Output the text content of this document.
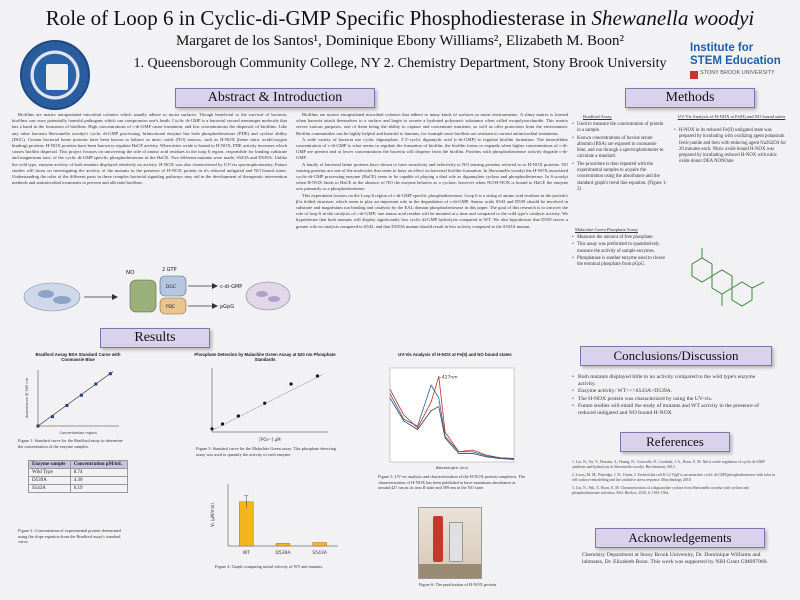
Role of Loop 6 in Cyclic-di-GMP Specific Phosphodiesterase in Shewanella woodyi
Margaret de los Santos¹, Dominique Ebony Williams², Elizabeth M. Boon²
1. Queensborough Community College, NY 2. Chemistry Department, Stony Brook University
Institute for
STEM Education
STONY BROOK UNIVERSITY
Abstract & Introduction	Methods
Results
Conclusions/Discussion
References
Acknowledgements

Biofilms are matrix encapsulated microbial colonies which usually adhere to moist surfaces. Though beneficial to the survival of bacteria, biofilms can carry potentially harmful pathogens which can compromise one's heath. Cyclic di-GMP is a bacterial second messenger molecule that has a hand in the formation of biofilms. High concentrations of c-di-GMP cause formation, and low concentrations the dispersal, of biofilms. Like any other bacteria Shewanella woodyi's cyclic di-GMP processing, bifunctional enzyme has both phosphodiesterase (PDE) and cyclase ability (DGC). Certain bacterial heme proteins have been known to behave as nitric oxide (NO) sensors, such as H-NOX (heme nitric oxide/oxygen binding) proteins. H-NOX proteins have been known to regulate HaCE activity. When nitric oxide is bound to H-NOX, PDE activity increases which causes biofilm dispersal. This project focuses on uncovering the role of amino acid residues in the loop 6 region, responsible for binding substrate and magnesium ions, of the cyclic di-GMP specific phosphodiesterase in the HaCE. Two different mutants were made, S543A and D539A. Unlike the wild type, enzyme activity of both mutants displayed relatively no activity. H-NOX was also characterized by UV-vis spectrophotometry. Future studies will focus on investigating the activity of the mutants in the presence of H-NOX protein in it's reduced unligated and NO bound states. Understanding the roles of the different parts in these complex bacterial signaling pathways may aid in the development of therapeutic intervention methods and antimicrobial treatments to prevent and alleviate biofilms.

Biofilms are matrix encapsulated microbial colonies that adhere to many kinds of surfaces in moist environments. A slimy matrix is formed when bacteria attach themselves to a surface and begin to secrete a hydrated polymeric substance often called exopolysaccharide. This matrix serves various purposes, one of them being the ability to capture and concentrate nutrients; as well as offer protection from the environment. Biofilm communities can be highly helpful and harmful to humans, for example most biofilms are resistant to current antimicrobial treatments.

A wide variety of bacteria use cyclic diguanylate, 3',5'-cyclic diguanylic acid (c-di-GMP) to regulate biofilm formation. The intracellular concentration of c-di-GMP is what seems to regulate the formation of biofilm, the biofilm forms or expands when higher concentrations of c-di-GMP are present and at lower concentrations the bacteria will disperse from the biofilm. Proteins with phosphodiesterase activity degrade c-di-GMP.

A family of bacterial heme proteins have shown to have sensitivity and selectivity to NO sensing proteins referred to as H-NOX proteins. NO sensing proteins are one of the molecules that seem to have an effect on bacterial biofilm formation. In Shewanella woodyi the H-NOX associated cyclic-di-GMP processing enzyme (HaCE) seem to be capable of playing a dual role as diguanylate cyclase and phosphodiesterase. In S.woodyi when H-NOX binds to HaCE in the absence of NO the enzyme behaves as a cyclase, however when NO-H-NOX is bound to HaCE the enzyme acts primarily as a phosphodiesterase.

This experiment focuses on the Loop 6 region of c-di-GMP specific phosphodiesterase. Loop 6 is a string of amino acid residues in the protein's β/α folded structure, which seem to play an important role in the degradation of c-di-GMP. Amino acids S543 and D539 should be involved in substrate and magnesium ion binding and catalysis by the EAL domain phosphodiesterase in this paper. The goal of this research is to uncover the role of loop 6 in the catalysis of c-di-GMP; one amino acid residue will be mutated at a time and compared to the wild type's catalytic activity. We hypothesize that both mutants will display significantly less cyclic di-GMP hydrolysis compared to WT. We also hypothesize that D539 serves a greater role in catalysis compared to S543, and that D539A mutant should result in less activity compared to the S543A mutant.

NO
DGC
PDE
2 GTP
c-di-GMP
pGpG
Bradford Assay
• Used to measure the concentration of protein in a sample.
• Known concentrations of bovine serum albumin (BSA) are exposed to coomassie blue, and run through a spectrophotometer to calculate a standard.
• The procedure is then repeated with the experimental samples to acquire the concentration using the absorbance and the standard graph's trend line equation. (Figure 1-2)
Malachite Green Phosphate Assay
• Measures the amount of free phosphate.
• This assay was preformed to quantitatively measure the activity of sample enzymes.
• Phosphatase is another enzyme used to cleave the terminal phosphate from pGpG.
UV-Vis Analysis of H-NOX at Fe(II) and NO bound states
• H-NOX in its reduced Fe(II) unligated state was prepared by incubating with oxidizing agent potassium ferricyanide and then with reducing agent Na2S2O4 for 20 minutes each. Nitric oxide bound H-NOX was prepared by incubating reduced H-NOX with nitric oxide donor DEA NONOate
Bradford Assay BSA Standard Curve with Coomassie Blue
Absorbance @ 595 nm
Concentration mg/mL
Figure 1: Standard curve for the Bradford assay to determine the concentration of the enzyme samples.
Enzyme sample	Concentration µM/mL
Wild Type	8.74
D539A	4.30
S543A	6.19
Figure 2: Concentration of experimental protein determined using the slope equation from the Bradford assay's standard curve.
Phosphate Detection by Malachite Green Assay at 620 nm Phosphate Standards
[PO₄³⁻] µM
Figure 3: Standard curve for the Malachite Green assay. This phosphate detecting assay was used to quantify the activity of each enzyme.
WT	D539A	S543A
V₀ (µM/min)
Figure 4: Graph comparing initial velocity of WT and mutants.
UV-Vis Analysis of H-NOX at Fe(II) and NO bound states
427nm
Wavelength (nm)
Figure 5: UV-vis analysis and characterization of the H-NOX protein complexes. The characterization of H-NOX has been published to have maximum absorbance at around 427 nm in its iron II state and 399 nm in the NO state.
Figure 6: The purification of H-NOX protein.
• Both mutants displayed little to no activity compared to the wild type's enzyme activity.
• Enzyme activity: WT>>>S543A>D539A.
• The H-NOX protein was characterized by using the UV-vis.
• Future studies will entail the study of mutants and WT activity in the presence of reduced unligated and NO bound H-NOX
1. Liu, N., Xu, Y., Hossain, S., Huang, N., Coursolle, D., Gralnick, J. A., Boon, E. M. Nitric oxide regulation of cyclic di-GMP synthesis and hydrolysis in Shewanella woodyi. Biochemistry 2012.
2. Lacey, M. M., Partridge, J. D., Green, J. Escherichia coli K-12 YfgF is an anaerobic cyclic di-GMP phosphodiesterase with roles in cell surface remodelling and the oxidative stress response. Microbiology 2010.
3. Liu, N., Pak, T., Boon, E. M. Characterization of a diguanylate cyclase from Shewanella woodyi with cyclase and phosphodiesterase activities. Mol. BioSyst. 2010, 6, 1561-1564.
Chemistry Department at Stony Brook University, Dr. Dominique Williams and labmates, Dr. Elizabeth Boon. This work was supported by NIH Grant GM097060.
